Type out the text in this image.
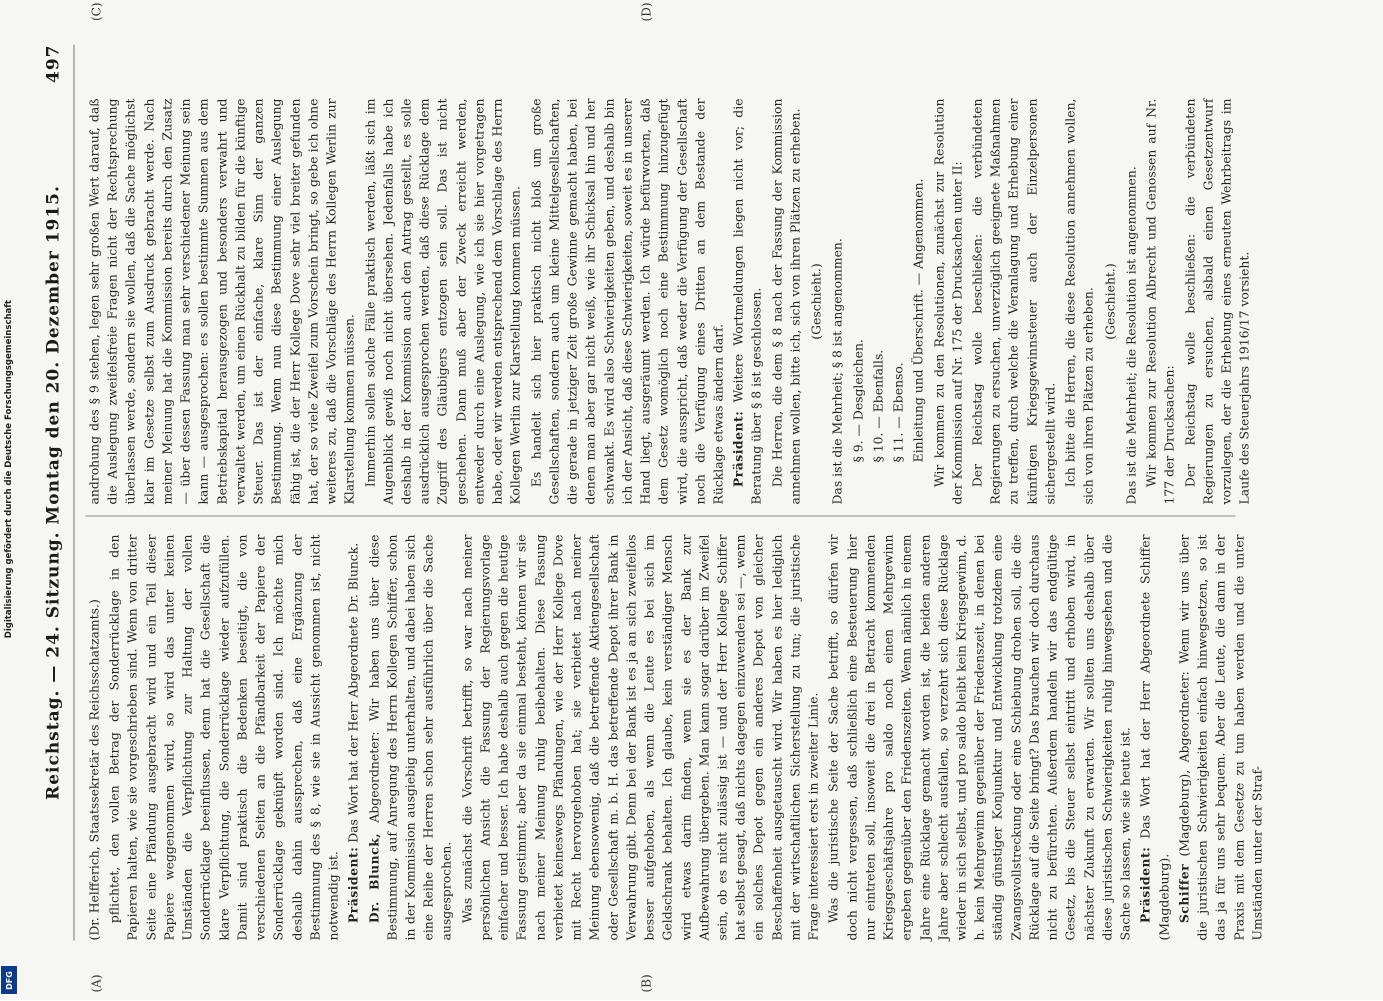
Reichstag. — 24. Sitzung. Montag den 20. Dezember 1915.
497
(A)	(B)
(C)	(D)

(Dr. Helfferich, Staatssekretär des Reichsschatzamts.) pflichtet, den vollen Betrag der Sonderrücklage in den Papieren halten, wie sie vorgeschrieben sind. Wenn von dritter Seite eine Pfändung ausgebracht wird und ein Teil dieser Papiere weggenommen wird, so wird das unter keinen Umständen die Verpflichtung zur Haltung der vollen Sonderrücklage beeinflussen, denn hat die Gesellschaft die klare Verpflichtung, die Sonderrücklage wieder aufzufüllen. Damit sind praktisch die Bedenken beseitigt, die von verschiedenen Seiten an die Pfändbarkeit der Papiere der Sonderrücklage geknüpft worden sind. Ich möchte mich deshalb dahin aussprechen, daß eine Ergänzung der Bestimmung des § 8, wie sie in Aussicht genommen ist, nicht notwendig ist. Präsident: Das Wort hat der Herr Abgeordnete Dr. Blunck.

Dr. Blunck, Abgeordneter: Wir haben uns über diese Bestimmung, auf Anregung des Herrn Kollegen Schiffer, schon in der Kommission ausgiebig unterhalten, und dabei haben sich eine Reihe der Herren schon sehr ausführlich über die Sache ausgesprochen. Was zunächst die Vorschrift betrifft, so war nach meiner persönlichen Ansicht die Fassung der Regierungsvorlage einfacher und besser. Ich habe deshalb auch gegen die heutige Fassung gestimmt; aber da sie einmal besteht, können wir sie nach meiner Meinung ruhig beibehalten. Diese Fassung verbietet keineswegs Pfändungen, wie der Herr Kollege Dove mit Recht hervorgehoben hat; sie verbietet nach meiner Meinung ebensowenig, daß die betreffende Aktiengesellschaft oder Gesellschaft m. b. H. das betreffende Depot ihrer Bank in Verwahrung gibt. Denn bei der Bank ist es ja an sich zweifellos besser aufgehoben, als wenn die Leute es bei sich im Geldschrank behalten. Ich glaube, kein verständiger Mensch wird etwas darin finden, wenn sie es der Bank zur Aufbewahrung übergeben. Man kann sogar darüber im Zweifel sein, ob es nicht zulässig ist — und der Herr Kollege Schiffer hat selbst gesagt, daß nichts dagegen einzuwenden sei —, wenn ein solches Depot gegen ein anderes Depot von gleicher Beschaffenheit ausgetauscht wird. Wir haben es hier lediglich mit der wirtschaftlichen Sicherstellung zu tun; die juristische Frage interessiert erst in zweiter Linie. Was die juristische Seite der Sache betrifft, so dürfen wir doch nicht vergessen, daß schließlich eine Besteuerung hier nur eintreten soll, insoweit die drei in Betracht kommenden Kriegsgeschäftsjahre pro saldo noch einen Mehrgewinn ergeben gegenüber den Friedenszeiten. Wenn nämlich in einem Jahre eine Rücklage gemacht worden ist, die beiden anderen Jahre aber schlecht ausfallen, so verzehrt sich diese Rücklage wieder in sich selbst, und pro saldo bleibt kein Kriegsgewinn, d. h. kein Mehrgewinn gegenüber der Friedenszeit, in denen bei ständig günstiger Konjunktur und Entwicklung trotzdem eine Zwangsvollstreckung oder eine Schiebung drohen soll, die die Rücklage auf die Seite bringt? Das brauchen wir doch durchaus nicht zu befürchten. Außerdem handeln wir das endgültige Gesetz, bis die Steuer selbst eintritt und erhoben wird, in nächster Zukunft zu erwarten. Wir sollten uns deshalb über diese juristischen Schwierigkeiten ruhig hinwegsehen und die Sache so lassen, wie sie heute ist. Präsident: Das Wort hat der Herr Abgeordnete Schiffer (Magdeburg). Schiffer (Magdeburg), Abgeordneter: Wenn wir uns über die juristischen Schwierigkeiten einfach hinwegsetzen, so ist das ja für uns sehr bequem. Aber die Leute, die dann in der Praxis mit dem Gesetze zu tun haben werden und die unter Umständen unter der Straf-

androhung des § 9 stehen, legen sehr großen Wert darauf, daß die Auslegung zweifelsfreie Fragen nicht der Rechtsprechung überlassen werde, sondern sie wollen, daß die Sache möglichst klar im Gesetze selbst zum Ausdruck gebracht werde. Nach meiner Meinung hat die Kommission bereits durch den Zusatz — über dessen Fassung man sehr verschiedener Meinung sein kann — ausgesprochen: es sollen bestimmte Summen aus dem Betriebskapital herausgezogen und besonders verwahrt und verwaltet werden, um einen Rückhalt zu bilden für die künftige Steuer. Das ist der einfache, klare Sinn der ganzen Bestimmung. Wenn nun diese Bestimmung einer Auslegung fähig ist, die der Herr Kollege Dove sehr viel breiter gefunden hat, der so viele Zweifel zum Vorschein bringt, so gebe ich ohne weiteres zu, daß die Vorschläge des Herrn Kollegen Werlin zur Klarstellung kommen müssen. Immerhin sollen solche Fälle praktisch werden, läßt sich im Augenblick gewiß noch nicht übersehen. Jedenfalls habe ich deshalb in der Kommission auch den Antrag gestellt, es solle ausdrücklich ausgesprochen werden, daß diese Rücklage dem Zugriff des Gläubigers entzogen sein soll. Das ist nicht geschehen. Dann muß aber der Zweck erreicht werden, entweder durch eine Auslegung, wie ich sie hier vorgetragen habe, oder wir werden entsprechend dem Vorschlage des Herrn Kollegen Werlin zur Klarstellung kommen müssen. Es handelt sich hier praktisch nicht bloß um große Gesellschaften, sondern auch um kleine Mittelgesellschaften, die gerade in jetziger Zeit große Gewinne gemacht haben, bei denen man aber gar nicht weiß, wie ihr Schicksal hin und her schwankt. Es wird also Schwierigkeiten geben, und deshalb bin ich der Ansicht, daß diese Schwierigkeiten, soweit es in unserer Hand liegt, ausgeräumt werden. Ich würde befürworten, daß dem Gesetz womöglich noch eine Bestimmung hinzugefügt wird, die ausspricht, daß weder die Verfügung der Gesellschaft noch die Verfügung eines Dritten an dem Bestande der Rücklage etwas ändern darf. Präsident: Weitere Wortmeldungen liegen nicht vor; die Beratung über § 8 ist geschlossen. Die Herren, die dem § 8 nach der Fassung der Kommission annehmen wollen, bitte ich, sich von ihren Plätzen zu erheben. (Geschieht.) Das ist die Mehrheit; § 8 ist angenommen. § 9. — Desgleichen. § 10. — Ebenfalls. § 11. — Ebenso. Einleitung und Überschrift. — Angenommen. Wir kommen zu den Resolutionen, zunächst zur Resolution der Kommission auf Nr. 175 der Drucksachen unter II: Der Reichstag wolle beschließen: die verbündeten Regierungen zu ersuchen, unverzüglich geeignete Maßnahmen zu treffen, durch welche die Veranlagung und Erhebung einer künftigen Kriegsgewinnsteuer auch der Einzelpersonen sichergestellt wird. Ich bitte die Herren, die diese Resolution annehmen wollen, sich von ihren Plätzen zu erheben. (Geschieht.) Das ist die Mehrheit; die Resolution ist angenommen. Wir kommen zur Resolution Albrecht und Genossen auf Nr. 177 der Drucksachen: Der Reichstag wolle beschließen: die verbündeten Regierungen zu ersuchen, alsbald einen Gesetzentwurf vorzulegen, der die Erhebung eines erneuten Wehrbeitrags im Laufe des Steuerjahrs 1916/17 vorsieht.

Digitalisierung gefördert durch die Deutsche Forschungsgemeinschaft
DFG
